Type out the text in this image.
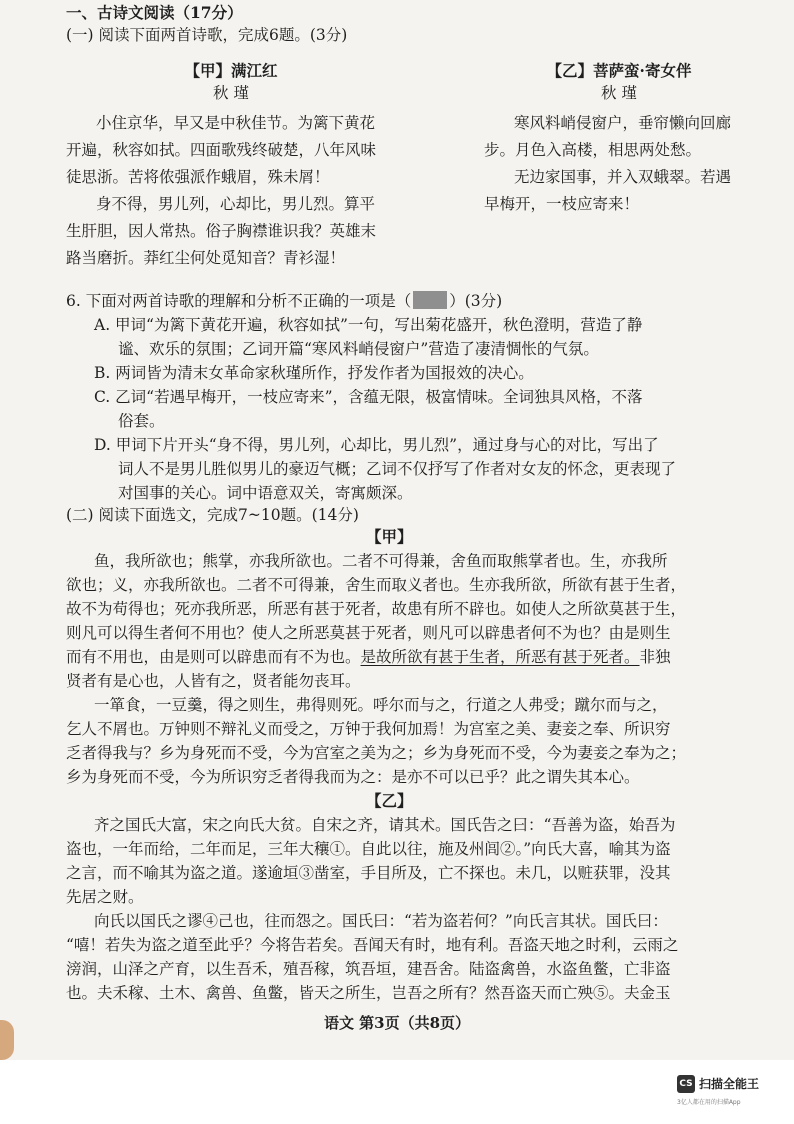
一、古诗文阅读（17分）
(一) 阅读下面两首诗歌，完成6题。(3分)
【甲】满江红
秋 瑾
小住京华，早又是中秋佳节。为篱下黄花
开遍，秋容如拭。四面歌残终破楚，八年风味
徒思浙。苦将侬强派作蛾眉，殊未屑！
身不得，男儿列，心却比，男儿烈。算平
生肝胆，因人常热。俗子胸襟谁识我？英雄末
路当磨折。莽红尘何处觅知音？青衫湿！
【乙】菩萨蛮·寄女伴
秋 瑾
寒风料峭侵窗户，垂帘懒向回廊
步。月色入高楼，相思两处愁。
无边家国事，并入双蛾翠。若遇
早梅开，一枝应寄来！
6. 下面对两首诗歌的理解和分析不正确的一项是（ ）(3分)
A. 甲词“为篱下黄花开遍，秋容如拭”一句，写出菊花盛开，秋色澄明，营造了静
谧、欢乐的氛围；乙词开篇“寒风料峭侵窗户”营造了凄清惆怅的气氛。
B. 两词皆为清末女革命家秋瑾所作，抒发作者为国报效的决心。
C. 乙词“若遇早梅开，一枝应寄来”，含蕴无限，极富情味。全词独具风格，不落
俗套。
D. 甲词下片开头“身不得，男儿列，心却比，男儿烈”，通过身与心的对比，写出了
词人不是男儿胜似男儿的豪迈气概；乙词不仅抒写了作者对女友的怀念，更表现了
对国事的关心。词中语意双关，寄寓颇深。
(二) 阅读下面选文，完成7~10题。(14分)
【甲】
鱼，我所欲也；熊掌，亦我所欲也。二者不可得兼，舍鱼而取熊掌者也。生，亦我所
欲也；义，亦我所欲也。二者不可得兼，舍生而取义者也。生亦我所欲，所欲有甚于生者，
故不为苟得也；死亦我所恶，所恶有甚于死者，故患有所不辟也。如使人之所欲莫甚于生，
则凡可以得生者何不用也？使人之所恶莫甚于死者，则凡可以辟患者何不为也？由是则生
而有不用也，由是则可以辟患而有不为也。是故所欲有甚于生者，所恶有甚于死者。非独
贤者有是心也，人皆有之，贤者能勿丧耳。
一箪食，一豆羹，得之则生，弗得则死。呼尔而与之，行道之人弗受；蹴尔而与之，
乞人不屑也。万钟则不辩礼义而受之，万钟于我何加焉！为宫室之美、妻妾之奉、所识穷
乏者得我与？乡为身死而不受，今为宫室之美为之；乡为身死而不受，今为妻妾之奉为之；
乡为身死而不受，今为所识穷乏者得我而为之：是亦不可以已乎？此之谓失其本心。
【乙】
齐之国氏大富，宋之向氏大贫。自宋之齐，请其术。国氏告之曰：“吾善为盗，始吾为
盗也，一年而给，二年而足，三年大穰①。自此以往，施及州闾②。”向氏大喜，喻其为盗
之言，而不喻其为盗之道。遂逾垣③凿室，手目所及，亡不探也。未几，以赃获罪，没其
先居之财。
向氏以国氏之谬④己也，往而怨之。国氏曰：“若为盗若何？”向氏言其状。国氏曰：
“嘻！若失为盗之道至此乎？今将告若矣。吾闻天有时，地有利。吾盗天地之时利，云雨之
滂润，山泽之产育，以生吾禾，殖吾稼，筑吾垣，建吾舍。陆盗禽兽，水盗鱼鳖，亡非盗
也。夫禾稼、土木、禽兽、鱼鳖，皆天之所生，岂吾之所有？然吾盗天而亡殃⑤。夫金玉
语文 第3页（共8页）
CS 扫描全能王
3亿人都在用的扫描App
